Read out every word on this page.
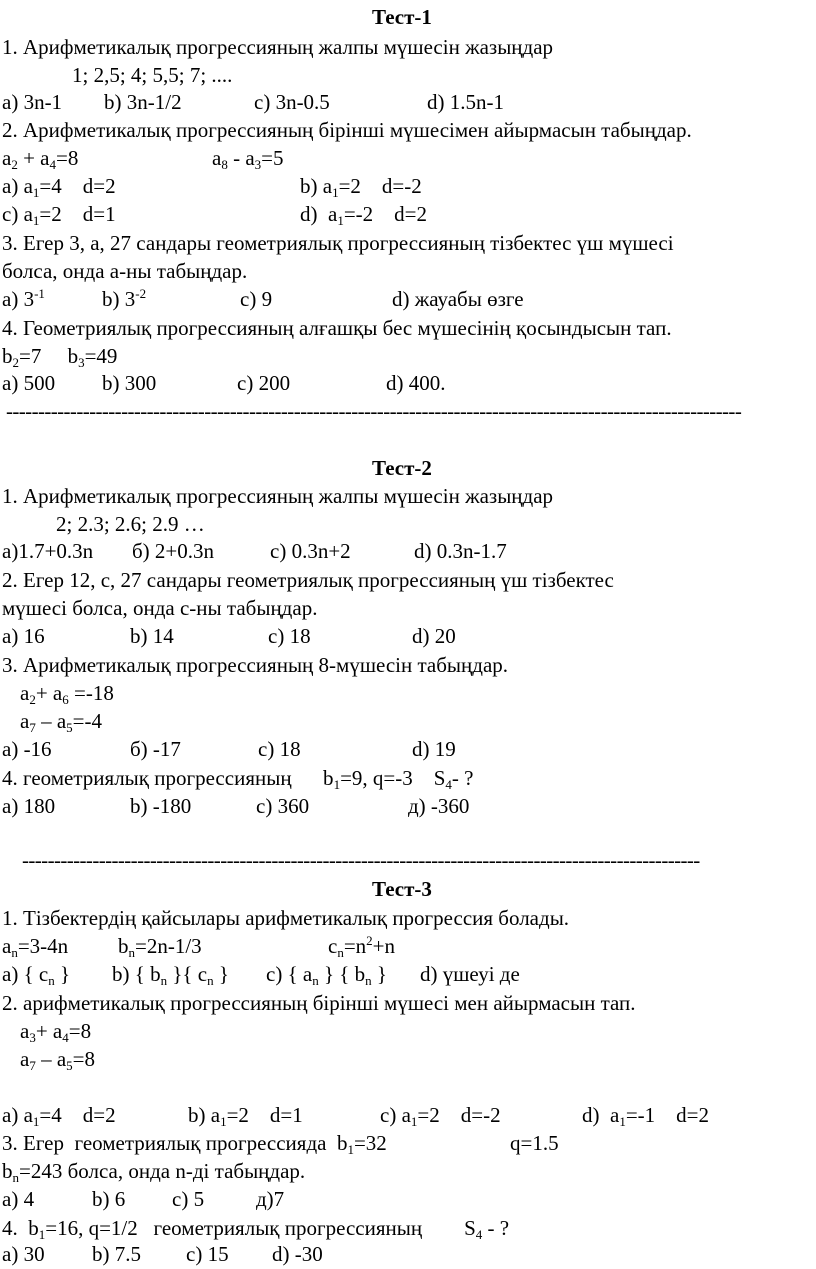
Тест-1
1. Арифметикалық прогрессияның жалпы мүшесін жазыңдар
1; 2,5; 4; 5,5; 7; ....
a) 3n-1 b) 3n-1/2	c) 3n-0.5	d) 1.5n-1
2. Арифметикалық прогрессияның бірінші мүшесімен айырмасын табыңдар.
$a_2 + a_4=8$	$a_8 - a_3=5$
a) $a_1=4$    d=2	b) $a_1=2$    d=-2
c) $a_1=2$    d=1	d)  $a_1=-2$    d=2
3. Егер 3, a, 27 сандары геометриялық прогрессияның тізбектес үш мүшесі
болса, онда a-ны табыңдар.
a) $3^{-1}$	b) $3^{-2}$	c) 9	d) жауабы өзге
4. Геометриялық прогрессияның алғашқы бес мүшесінің қосындысын тап.
$b_2=7$     $b_3=49$
a) 500 b) 300	c) 200	d) 400.
-------------------------------------------------------------------------------------------------------------------
Тест-2
1. Арифметикалық прогрессияның жалпы мүшесін жазыңдар
2; 2.3; 2.6; 2.9 …
a)1.7+0.3n б) 2+0.3n	c) 0.3n+2	d) 0.3n-1.7
2. Егер 12, c, 27 сандары геометриялық прогрессияның үш тізбектес
мүшесі болса, онда c-ны табыңдар.
a) 16	b) 14	c) 18	d) 20
3. Арифметикалық прогрессияның 8-мүшесін табыңдар.
$a_2+ a_6 =-18$
$a_7 - a_5=-4$
a) -16	б) -17	c) 18	d) 19
4. геометриялық прогрессияның      $b_1=9$, q=-3    $S_4-$ ?
a) 180	b) -180	c) 360	д) -360
----------------------------------------------------------------------------------------------------------
Тест-3
1. Тізбектердің қайсылары арифметикалық прогрессия болады.
$a_n=3-4n$ $b_n=2n-1/3$	$c_n=n^2+n$
a) { $c_n$ } b) { $b_n$ }{ $c_n$ } c) { $a_n$ } { $b_n$ } d) үшеуі де
2. арифметикалық прогрессияның бірінші мүшесі мен айырмасын тап.
$a_3+ a_4=8$
$a_7 - a_5=8$
a) $a_1=4$    d=2	b) $a_1=2$    d=1	c) $a_1=2$    d=-2	d)  $a_1=-1$    d=2
3. Егер  геометриялық прогрессияда  $b_1=32$	q=1.5
$b_n=243$ болса, онда n-ді табыңдар.
a) 4	b) 6 c) 5 д)7
4.  $b_1=16$, q=1/2   геометриялық прогрессияның        $S_4$ - ?
a) 30 b) 7.5 c) 15 d) -30
